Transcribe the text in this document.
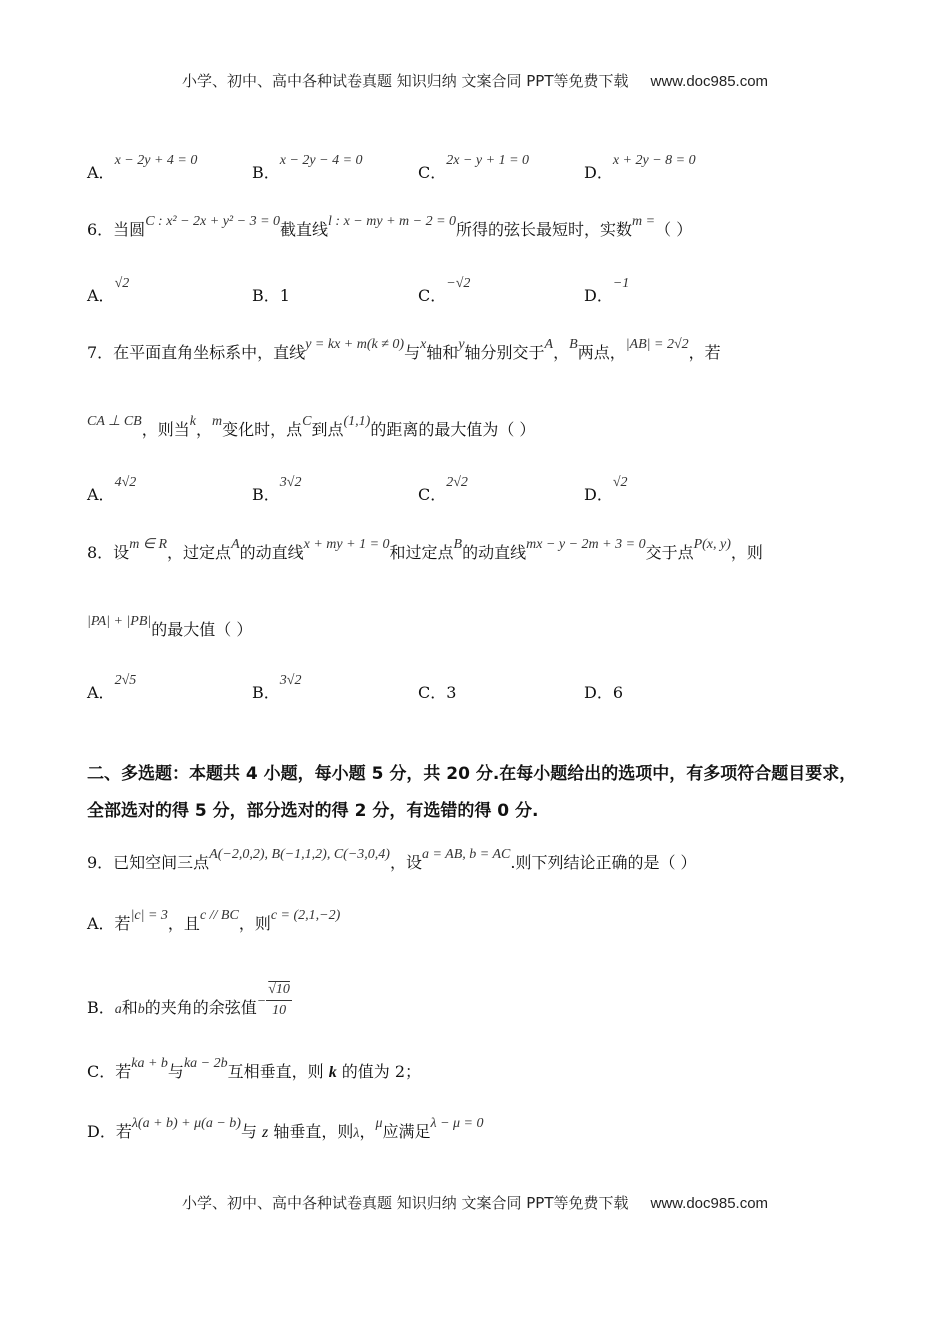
小学、初中、高中各种试卷真题 知识归纳 文案合同 PPT等免费下载 www.doc985.com
A．x − 2y + 4 = 0
B．x − 2y − 4 = 0
C．2x − y + 1 = 0
D．x + 2y − 8 = 0
6．当圆C : x² − 2x + y² − 3 = 0截直线l : x − my + m − 2 = 0所得的弦长最短时，实数m =（ ）
A．√2
B．1	C．−√2
D．−1
7．在平面直角坐标系中，直线y = kx + m(k ≠ 0)与x轴和y轴分别交于A，B两点，|AB| = 2√2，若
CA ⊥ CB，则当k，m变化时，点C到点(1,1)的距离的最大值为（ ）
A．4√2
B．3√2
C．2√2
D．√2
8．设m ∈ R，过定点A的动直线x + my + 1 = 0和过定点B的动直线mx − y − 2m + 3 = 0交于点P(x, y)，则
|PA| + |PB|的最大值（ ）
A．2√5
B．3√2
C．3	D．6
二、多选题：本题共 4 小题，每小题 5 分，共 20 分.在每小题给出的选项中，有多项符合题目要求，全部选对的得 5 分，部分选对的得 2 分，有选错的得 0 分.
9．已知空间三点A(−2,0,2), B(−1,1,2), C(−3,0,4)，设a = AB, b = AC.则下列结论正确的是（ ）
A．若|c| = 3，且c // BC，则c = (2,1,−2)
B．a和b的夹角的余弦值− $\frac{√10}{10}$
C．若ka + b与ka − 2b互相垂直，则 k 的值为 2；
D．若λ(a + b) + μ(a − b)与 z 轴垂直，则λ，μ应满足λ − μ = 0
小学、初中、高中各种试卷真题 知识归纳 文案合同 PPT等免费下载 www.doc985.com
